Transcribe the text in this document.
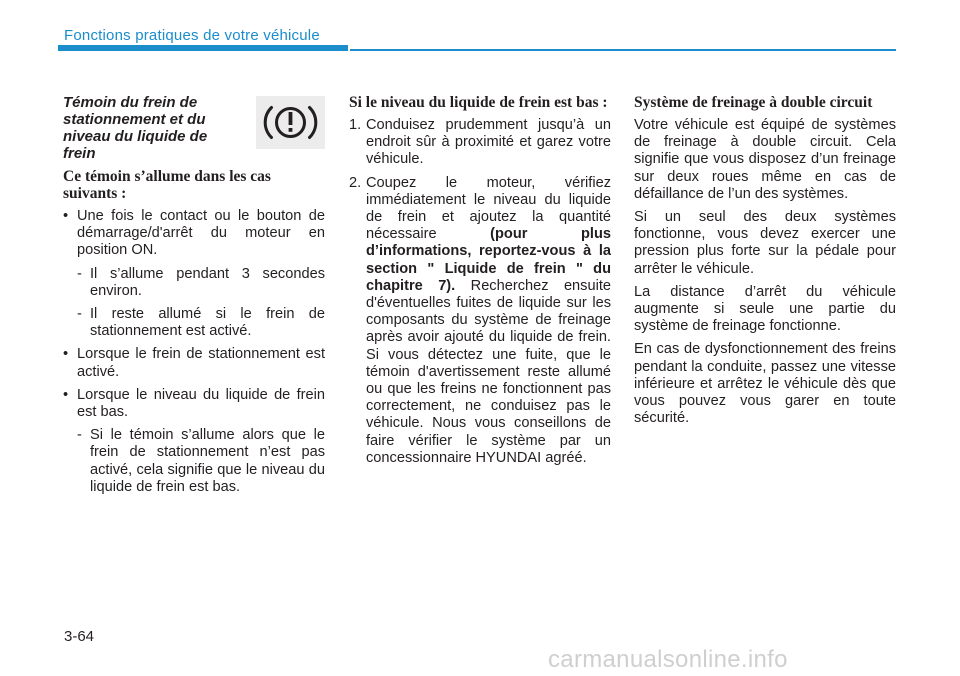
Fonctions pratiques de votre véhicule
Témoin du frein de stationnement et du niveau du liquide de frein
Ce témoin s’allume dans les cas suivants :
• Une fois le contact ou le bouton de démarrage/d'arrêt du moteur en position ON.
- Il s’allume pendant 3 secondes environ.
- Il reste allumé si le frein de stationnement est activé.
• Lorsque le frein de stationnement est activé.
• Lorsque le niveau du liquide de frein est bas.
- Si le témoin s’allume alors que le frein de stationnement n’est pas activé, cela signifie que le niveau du liquide de frein est bas.
Si le niveau du liquide de frein est bas :
1. Conduisez prudemment jusqu’à un endroit sûr à proximité et garez votre véhicule.
2. Coupez le moteur, vérifiez immédiatement le niveau du liquide de frein et ajoutez la quantité nécessaire (pour plus d’informations, reportez-vous à la section " Liquide de frein " du chapitre 7). Recherchez ensuite d'éventuelles fuites de liquide sur les composants du système de freinage après avoir ajouté du liquide de frein. Si vous détectez une fuite, que le témoin d'avertissement reste allumé ou que les freins ne fonctionnent pas correctement, ne conduisez pas le véhicule. Nous vous conseillons de faire vérifier le système par un concessionnaire HYUNDAI agréé.
Système de freinage à double circuit

Votre véhicule est équipé de systèmes de freinage à double circuit. Cela signifie que vous disposez d’un freinage sur deux roues même en cas de défaillance de l’un des systèmes.

Si un seul des deux systèmes fonctionne, vous devez exercer une pression plus forte sur la pédale pour arrêter le véhicule.

La distance d’arrêt du véhicule augmente si seule une partie du système de freinage fonctionne.

En cas de dysfonctionnement des freins pendant la conduite, passez une vitesse inférieure et arrêtez le véhicule dès que vous pouvez vous garer en toute sécurité.

3-64
carmanualsonline.info
